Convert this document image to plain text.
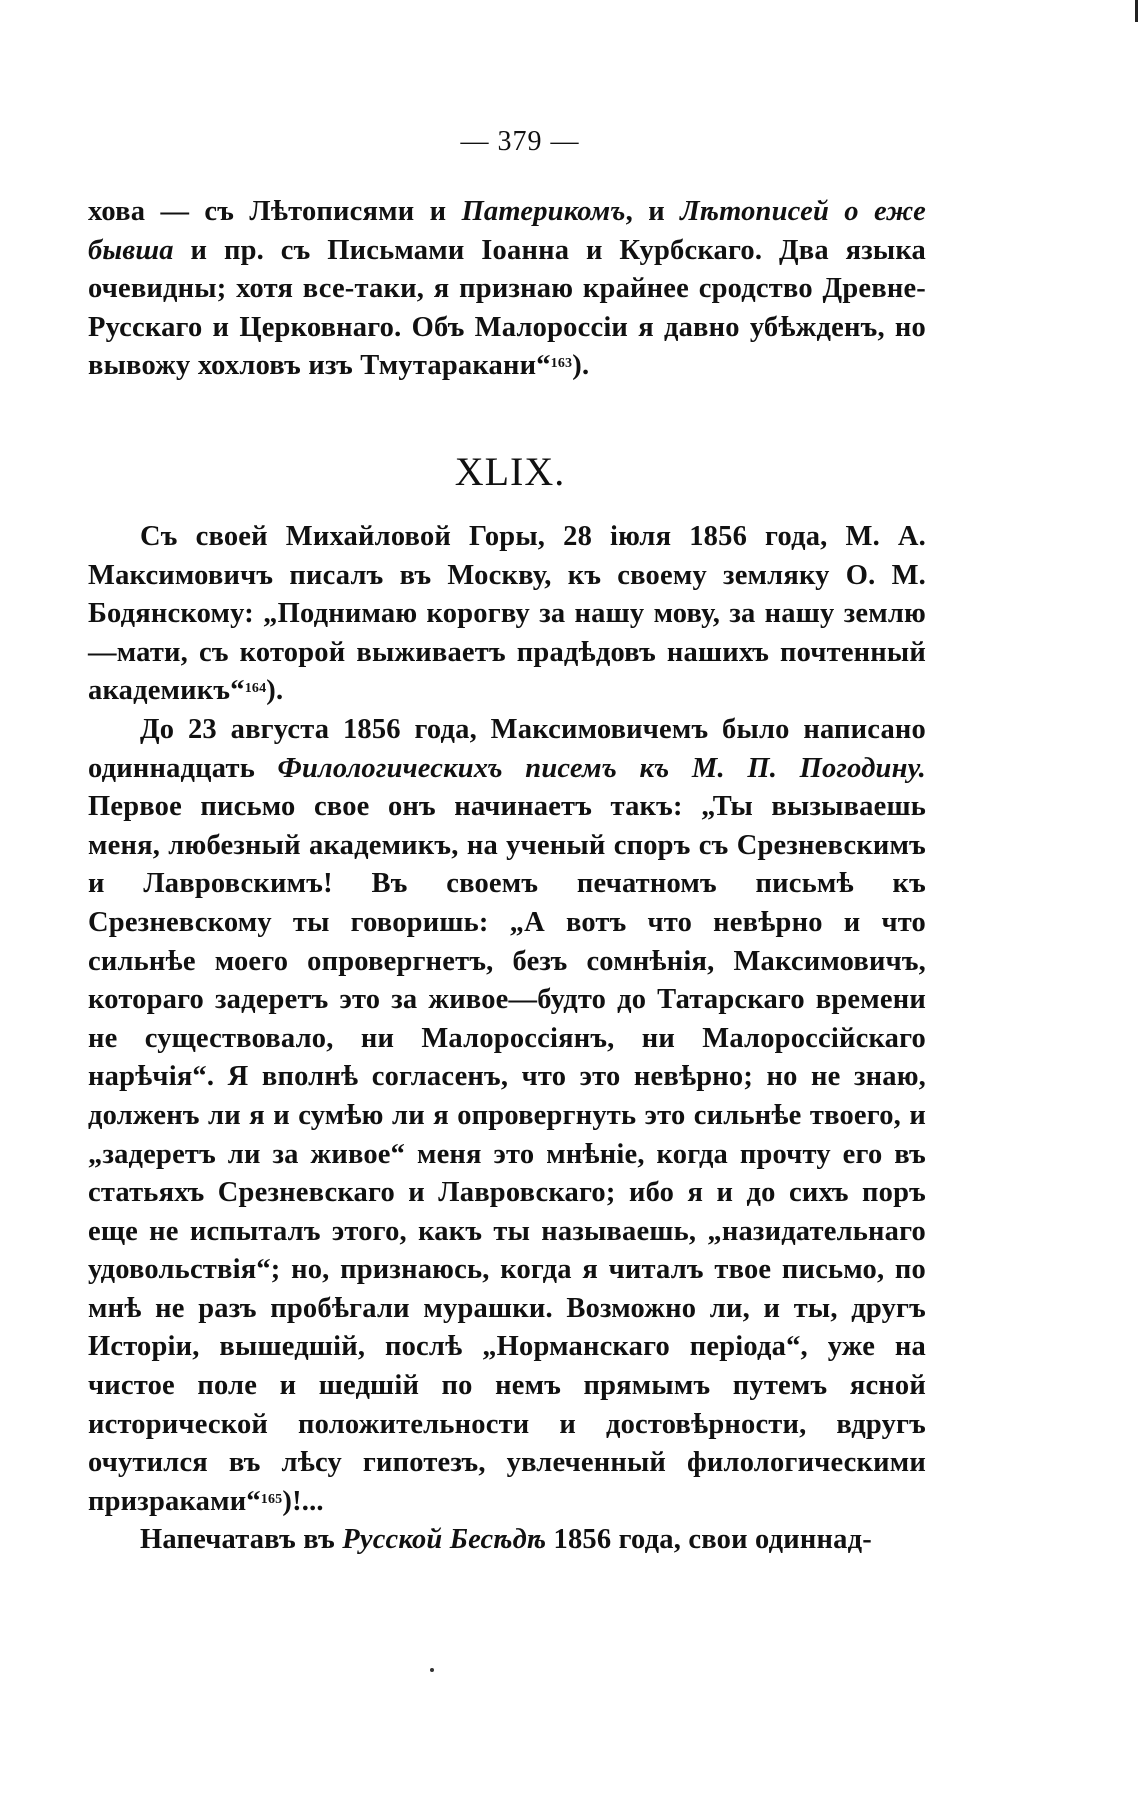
— 379 —

хова — съ Лѣтописями и Патерикомъ, и Лѣтописей о еже бывша и пр. съ Письмами Іоанна и Курбскаго. Два языка очевидны; хотя все-таки, я признаю крайнее сродство Древне-Русскаго и Церковнаго. Объ Малороссіи я давно убѣжденъ, но вывожу хохловъ изъ Тмутаракани“$^{163}$).

XLIX.

Съ своей Михайловой Горы, 28 іюля 1856 года, М. А. Максимовичъ писалъ въ Москву, къ своему земляку О. М. Бодянскому: „Поднимаю корогву за нашу мову, за нашу землю—мати, съ которой выживаетъ прадѣдовъ нашихъ почтенный академикъ“$^{164}$).

До 23 августа 1856 года, Максимовичемъ было написано одиннадцать Филологическихъ писемъ къ М. П. Погодину. Первое письмо свое онъ начинаетъ такъ: „Ты вызываешь меня, любезный академикъ, на ученый споръ съ Срезневскимъ и Лавровскимъ! Въ своемъ печатномъ письмѣ къ Срезневскому ты говоришь: „А вотъ что невѣрно и что сильнѣе моего опровергнетъ, безъ сомнѣнія, Максимовичъ, котораго задеретъ это за живое—будто до Татарскаго времени не существовало, ни Малороссіянъ, ни Малороссійскаго нарѣчія“. Я вполнѣ согласенъ, что это невѣрно; но не знаю, долженъ ли я и сумѣю ли я опровергнуть это сильнѣе твоего, и „задеретъ ли за живое“ меня это мнѣніе, когда прочту его въ статьяхъ Срезневскаго и Лавровскаго; ибо я и до сихъ поръ еще не испыталъ этого, какъ ты называешь, „назидательнаго удовольствія“; но, признаюсь, когда я читалъ твое письмо, по мнѣ не разъ пробѣгали мурашки. Возможно ли, и ты, другъ Исторіи, вышедшій, послѣ „Норманскаго періода“, уже на чистое поле и шедшій по немъ прямымъ путемъ ясной исторической положительности и достовѣрности, вдругъ очутился въ лѣсу гипотезъ, увлеченный филологическими призраками“$^{165}$)!...

Напечатавъ въ Русской Бесѣдѣ 1856 года, свои одиннад-
